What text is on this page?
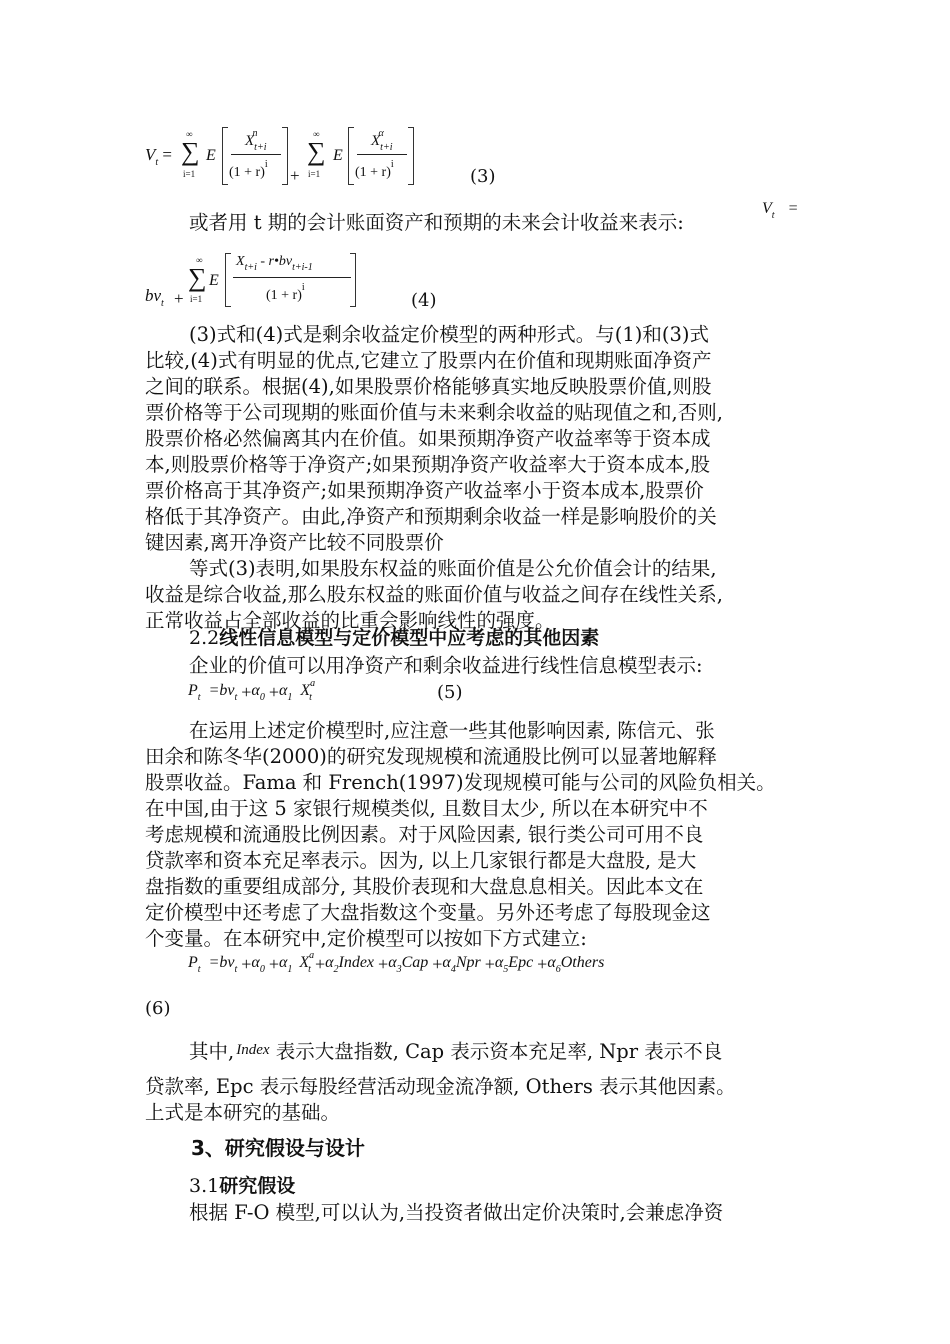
$V_t$ =
∞
∑
i=1
E
$X_{t+i}^n$
$(1 + r)^i$
+
∞
∑
i=1
E
$X_{t+i}^\alpha$
$(1 + r)^i$
(3)
或者用 t 期的会计账面资产和预期的未来会计收益来表示:
$V_t$ =
$bv_t$ +
∞
∑
i=1
E
$X_{t+i}$ - $r•bv_{t+i-1}$
$(1 + r)^i$
(4)
(3)式和(4)式是剩余收益定价模型的两种形式。与(1)和(3)式
比较,(4)式有明显的优点,它建立了股票内在价值和现期账面净资产
之间的联系。根据(4),如果股票价格能够真实地反映股票价值,则股
票价格等于公司现期的账面价值与未来剩余收益的贴现值之和,否则,
股票价格必然偏离其内在价值。如果预期净资产收益率等于资本成
本,则股票价格等于净资产;如果预期净资产收益率大于资本成本,股
票价格高于其净资产;如果预期净资产收益率小于资本成本,股票价
格低于其净资产。由此,净资产和预期剩余收益一样是影响股价的关
键因素,离开净资产比较不同股票价
等式(3)表明,如果股东权益的账面价值是公允价值会计的结果,
收益是综合收益,那么股东权益的账面价值与收益之间存在线性关系,
正常收益占全部收益的比重会影响线性的强度。
2.2线性信息模型与定价模型中应考虑的其他因素
企业的价值可以用净资产和剩余收益进行线性信息模型表示:
$P_t =bv_t +\alpha_0 +\alpha_1$ $X^a_t$	(5)
在运用上述定价模型时,应注意一些其他影响因素, 陈信元、张
田余和陈冬华(2000)的研究发现规模和流通股比例可以显著地解释
股票收益。Fama 和 French(1997)发现规模可能与公司的风险负相关。
在中国,由于这 5 家银行规模类似, 且数目太少, 所以在本研究中不
考虑规模和流通股比例因素。对于风险因素, 银行类公司可用不良
贷款率和资本充足率表示。因为, 以上几家银行都是大盘股, 是大
盘指数的重要组成部分, 其股价表现和大盘息息相关。因此本文在
定价模型中还考虑了大盘指数这个变量。另外还考虑了每股现金这
个变量。在本研究中,定价模型可以按如下方式建立:
$P_t =bv_t +\alpha_0 +\alpha_1$ $X^a_t$ $+\alpha_2Index +\alpha_3Cap +\alpha_4Npr +\alpha_5Epc$ $+\alpha_6Others$
(6)
其中, $^{Index}$ 表示大盘指数, Cap 表示资本充足率, Npr 表示不良
贷款率, Epc 表示每股经营活动现金流净额, Others 表示其他因素。
上式是本研究的基础。
3、研究假设与设计
3.1研究假设
根据 F-O 模型,可以认为,当投资者做出定价决策时,会兼虑净资
